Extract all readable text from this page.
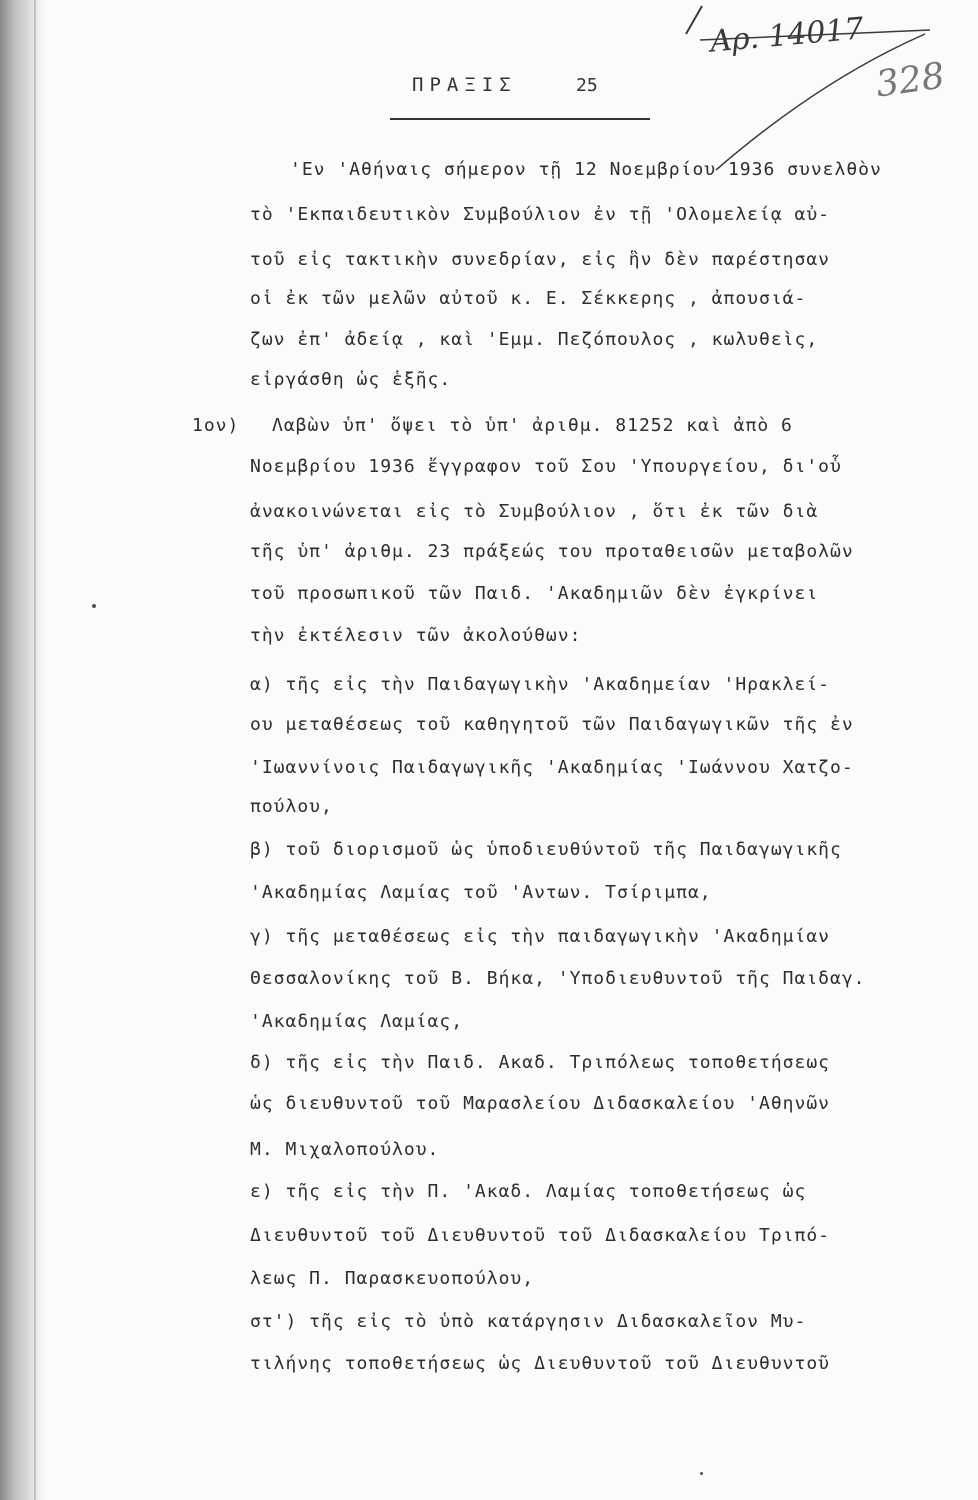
Αρ. 14017
328
ΠΡΑΞΙΣ	25
'Εν 'Αθήναις σήμερον τῇ 12 Νοεμβρίου 1936 συνελθὸν
τὸ 'Εκπαιδευτικὸν Συμβούλιον ἐν τῇ 'Ολομελείᾳ αὐ-
τοῦ εἰς τακτικὴν συνεδρίαν, εἰς ἣν δὲν παρέστησαν
οἱ ἐκ τῶν μελῶν αὐτοῦ κ. Ε. Σέκκερης , ἀπουσιά-
ζων ἐπ' ἀδείᾳ , καὶ 'Εμμ. Πεζόπουλος , κωλυθεὶς,
εἰργάσθη ὡς ἑξῆς.
1ον) Λαβὼν ὑπ' ὄψει τὸ ὑπ' ἀριθμ. 81252 καὶ ἀπὸ 6
Νοεμβρίου 1936 ἔγγραφον τοῦ Σου 'Υπουργείου, δι'οὗ
ἀνακοινώνεται εἰς τὸ Συμβούλιον , ὅτι ἐκ τῶν διὰ
τῆς ὑπ' ἀριθμ. 23 πράξεώς του προταθεισῶν μεταβολῶν
τοῦ προσωπικοῦ τῶν Παιδ. 'Ακαδημιῶν δὲν ἐγκρίνει
τὴν ἐκτέλεσιν τῶν ἀκολούθων:
α) τῆς εἰς τὴν Παιδαγωγικὴν 'Ακαδημείαν 'Ηρακλεί-
ου μεταθέσεως τοῦ καθηγητοῦ τῶν Παιδαγωγικῶν τῆς ἐν
'Ιωαννίνοις Παιδαγωγικῆς 'Ακαδημίας 'Ιωάννου Χατζο-
πούλου,
β) τοῦ διορισμοῦ ὡς ὑποδιευθύντοῦ τῆς Παιδαγωγικῆς
'Ακαδημίας Λαμίας τοῦ 'Αντων. Τσίριμπα,
γ) τῆς μεταθέσεως εἰς τὴν παιδαγωγικὴν 'Ακαδημίαν
Θεσσαλονίκης τοῦ Β. Βήκα, 'Υποδιευθυντοῦ τῆς Παιδαγ.
'Ακαδημίας Λαμίας,
δ) τῆς εἰς τὴν Παιδ. Ακαδ. Τριπόλεως τοποθετήσεως
ὡς διευθυντοῦ τοῦ Μαρασλείου Διδασκαλείου 'Αθηνῶν
Μ. Μιχαλοπούλου.
ε) τῆς εἰς τὴν Π. 'Ακαδ. Λαμίας τοποθετήσεως ὡς
Διευθυντοῦ τοῦ Διευθυντοῦ τοῦ Διδασκαλείου Τριπό-
λεως Π. Παρασκευοπούλου,
στ') τῆς εἰς τὸ ὑπὸ κατάργησιν Διδασκαλεῖον Μυ-
τιλήνης τοποθετήσεως ὡς Διευθυντοῦ τοῦ Διευθυντοῦ
